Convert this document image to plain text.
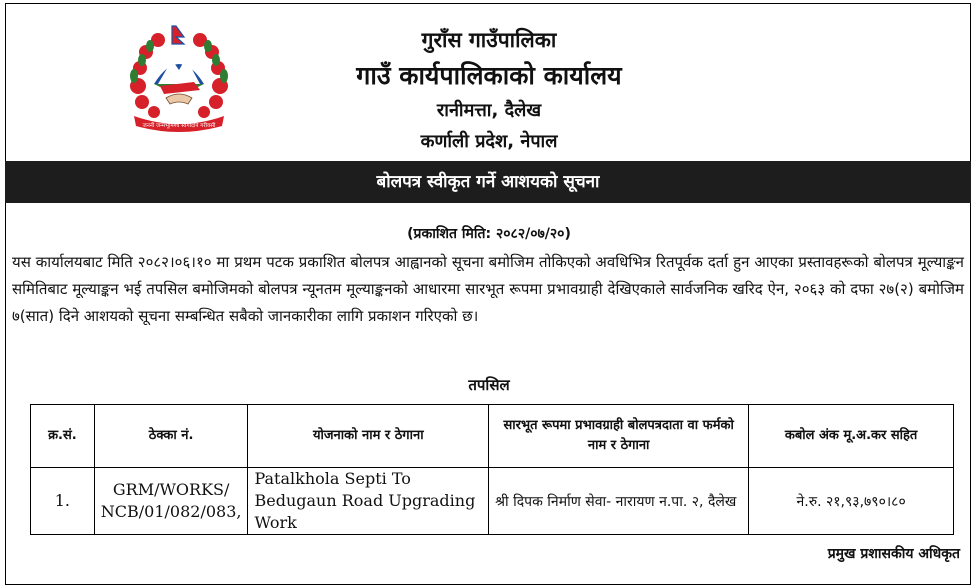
जननी जन्मभूमिश्च स्वर्गादपि गरीयसी
गुराँस गाउँपालिका
गाउँ कार्यपालिकाको कार्यालय
रानीमत्ता, दैलेख
कर्णाली प्रदेश, नेपाल
बोलपत्र स्वीकृत गर्ने आशयको सूचना
(प्रकाशित मिति: २०८२/०७/२०)
यस कार्यालयबाट मिति २०८२।०६।१० मा प्रथम पटक प्रकाशित बोलपत्र आह्वानको सूचना बमोजिम तोकिएको अवधिभित्र रितपूर्वक दर्ता हुन आएका प्रस्तावहरूको बोलपत्र मूल्याङ्कन समितिबाट मूल्याङ्कन भई तपसिल बमोजिमको बोलपत्र न्यूनतम मूल्याङ्कनको आधारमा सारभूत रूपमा प्रभावग्राही देखिएकाले सार्वजनिक खरिद ऐन, २०६३ को दफा २७(२) बमोजिम ७(सात) दिने आशयको सूचना सम्बन्धित सबैको जानकारीका लागि प्रकाशन गरिएको छ।
तपसिल
क्र.सं.	ठेक्का नं.	योजनाको नाम र ठेगाना	सारभूत रूपमा प्रभावग्राही बोलपत्रदाता वा फर्मको नाम र ठेगाना	कबोल अंक मू.अ.कर सहित
1.	GRM/WORKS/ NCB/01/082/083,	Patalkhola Septi To Bedugaun Road Upgrading Work	श्री दिपक निर्माण सेवा- नारायण न.पा. २, दैलेख	ने.रु. २१,९३,७९०।८०
प्रमुख प्रशासकीय अधिकृत
